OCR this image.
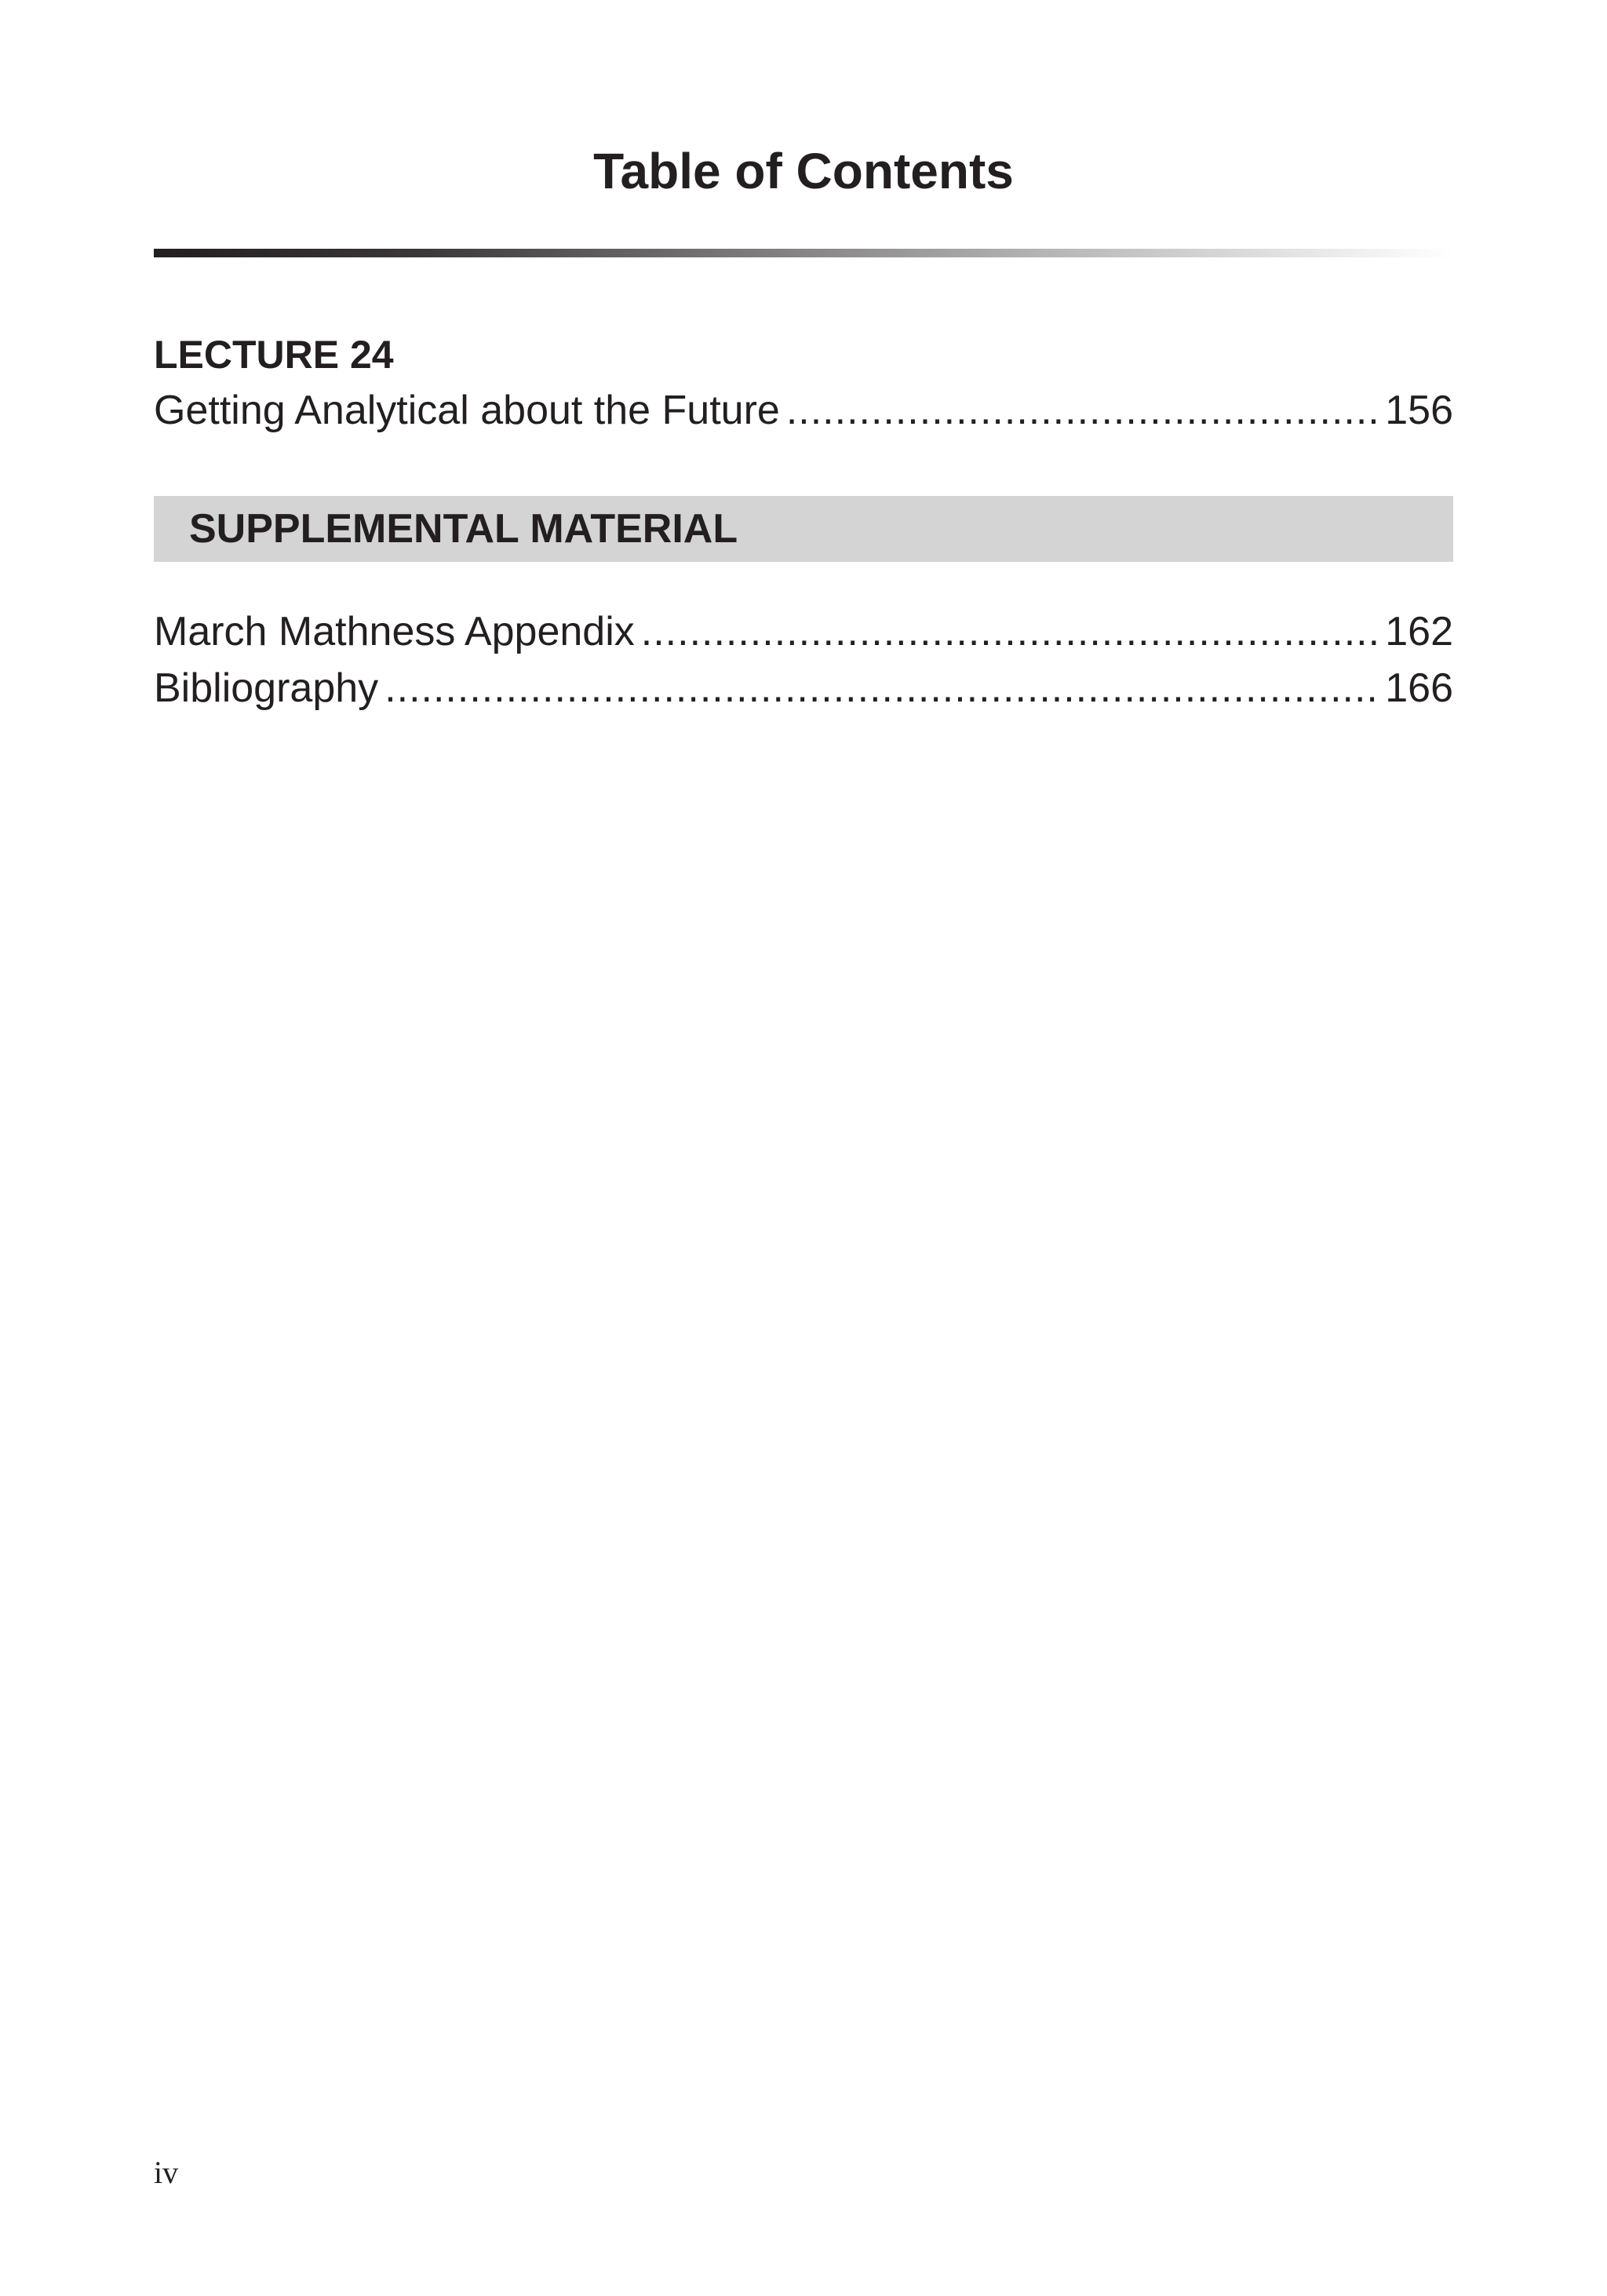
Table of Contents
LECTURE 24
Getting Analytical about the Future .....	156
SUPPLEMENTAL MATERIAL
March Mathness Appendix .....	162
Bibliography .....	166
iv
